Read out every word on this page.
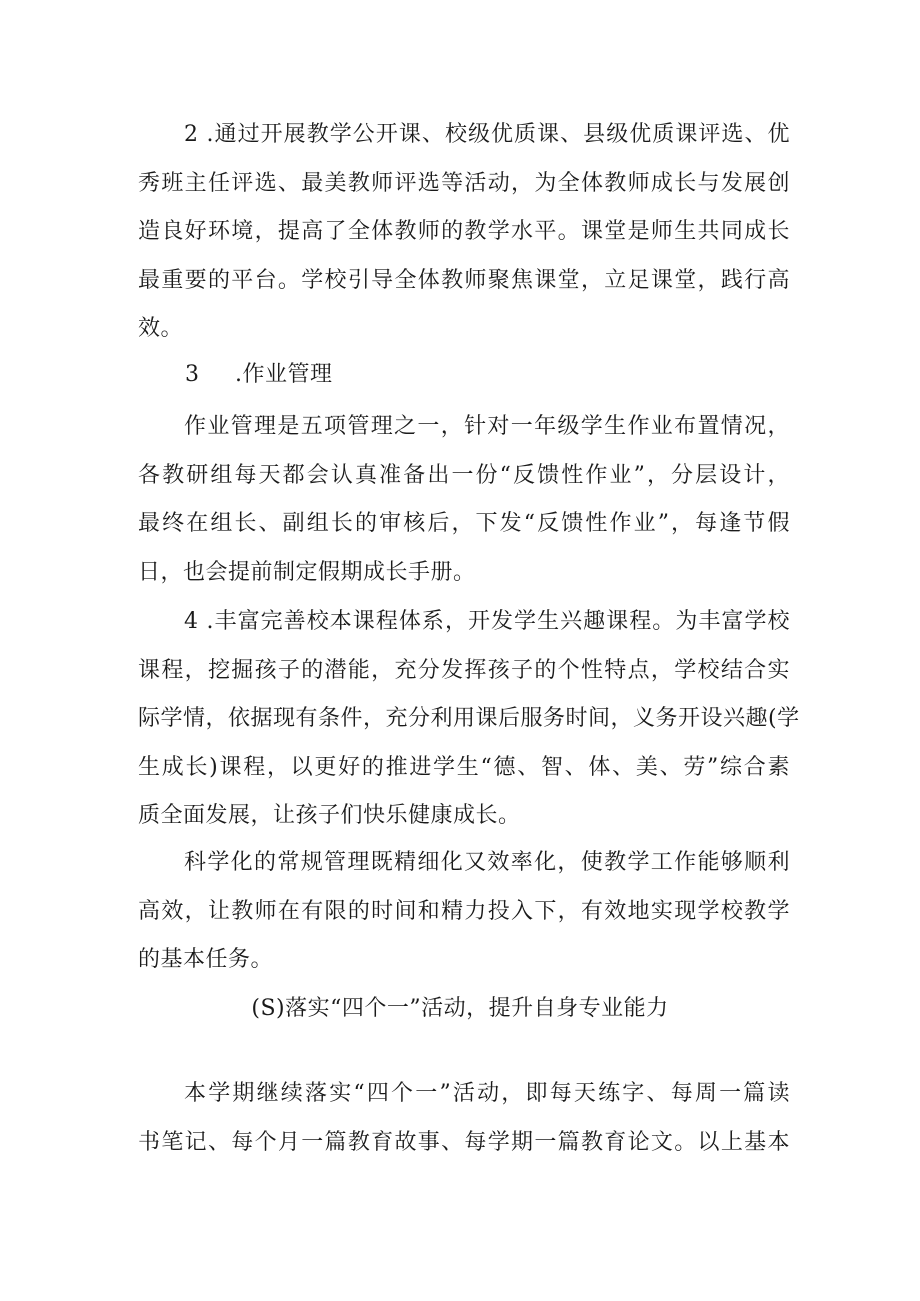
2 .通过开展教学公开课、校级优质课、县级优质课评选、优
秀班主任评选、最美教师评选等活动，为全体教师成长与发展创
造良好环境，提高了全体教师的教学水平。课堂是师生共同成长
最重要的平台。学校引导全体教师聚焦课堂，立足课堂，践行高
效。
3 .作业管理
作业管理是五项管理之一，针对一年级学生作业布置情况，
各教研组每天都会认真准备出一份“反馈性作业”，分层设计，
最终在组长、副组长的审核后，下发“反馈性作业”，每逢节假
日，也会提前制定假期成长手册。
4 .丰富完善校本课程体系，开发学生兴趣课程。为丰富学校
课程，挖掘孩子的潜能，充分发挥孩子的个性特点，学校结合实
际学情，依据现有条件，充分利用课后服务时间，义务开设兴趣(学
生成长)课程，以更好的推进学生“德、智、体、美、劳”综合素
质全面发展，让孩子们快乐健康成长。
科学化的常规管理既精细化又效率化，使教学工作能够顺利
高效，让教师在有限的时间和精力投入下，有效地实现学校教学
的基本任务。
(S)落实“四个一”活动，提升自身专业能力
本学期继续落实“四个一”活动，即每天练字、每周一篇读
书笔记、每个月一篇教育故事、每学期一篇教育论文。以上基本
